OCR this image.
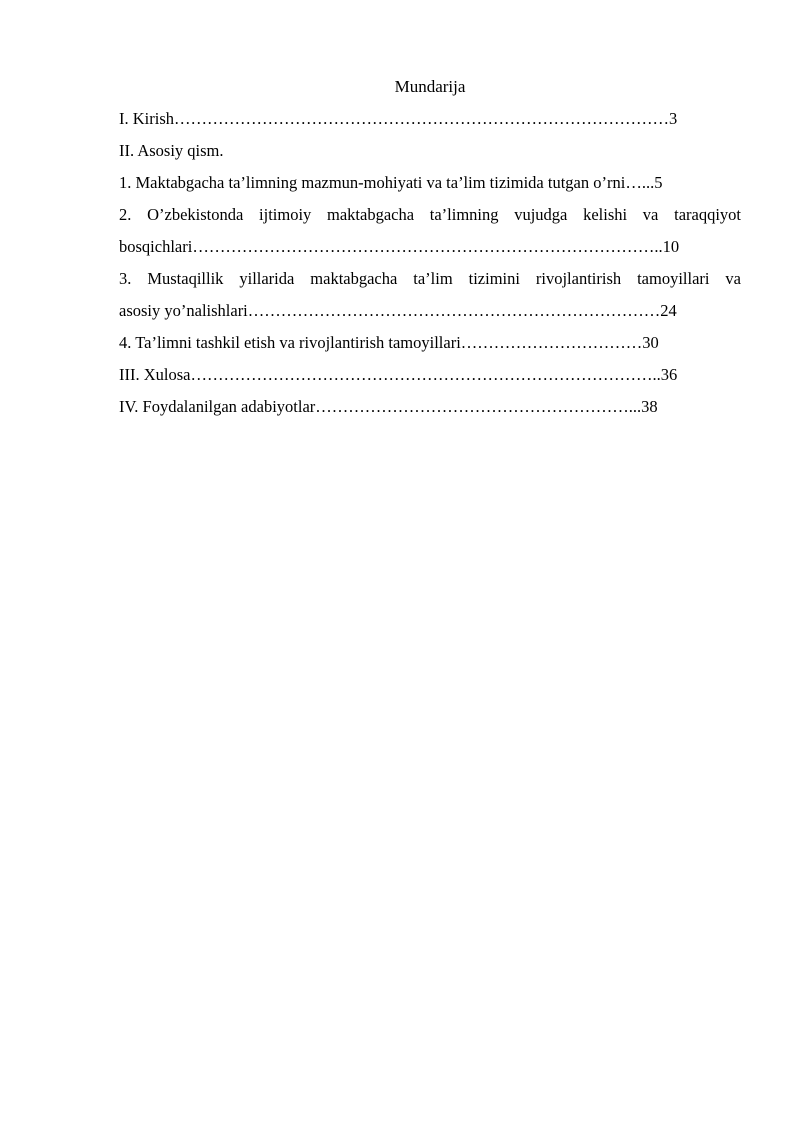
Mundarija
I. Kirish………………………………………………………………………………3
II. Asosiy qism.
1. Maktabgacha ta’limning mazmun-mohiyati va ta’lim tizimida tutgan o’rni…...5
2. O’zbekistonda ijtimoiy maktabgacha ta’limning vujudga kelishi va taraqqiyot
bosqichlari…………………………………………………………………………..10
3. Mustaqillik yillarida maktabgacha ta’lim tizimini rivojlantirish tamoyillari va
asosiy yo’nalishlari…………………………………………………………………24
4. Ta’limni tashkil etish va rivojlantirish tamoyillari……………………………30
III. Xulosa…………………………………………………………………………..36
IV. Foydalanilgan adabiyotlar…………………………………………………...38
